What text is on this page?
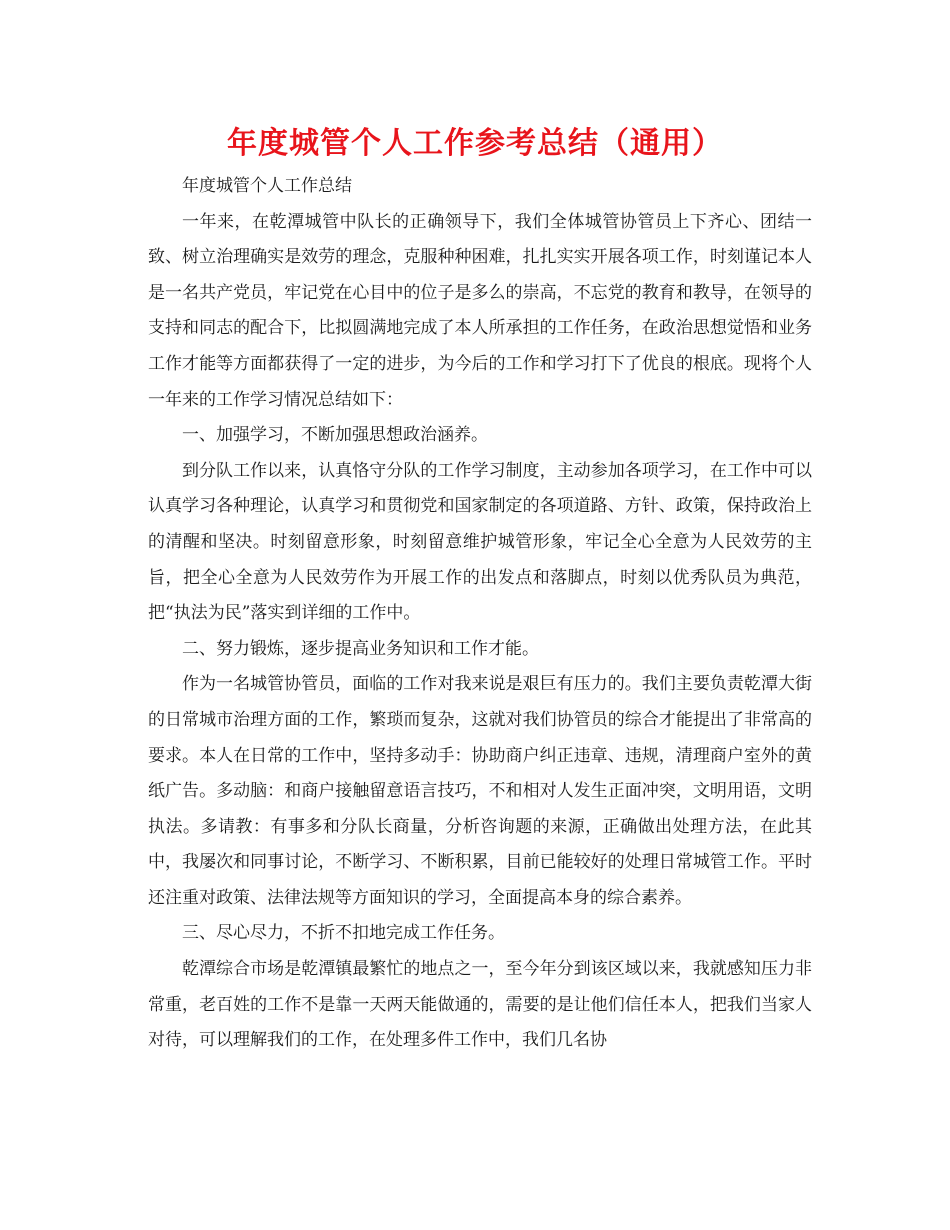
年度城管个人工作参考总结（通用）

年度城管个人工作总结

一年来，在乾潭城管中队长的正确领导下，我们全体城管协管员上下齐心、团结一致、树立治理确实是效劳的理念，克服种种困难，扎扎实实开展各项工作，时刻谨记本人是一名共产党员，牢记党在心目中的位子是多么的崇高，不忘党的教育和教导，在领导的支持和同志的配合下，比拟圆满地完成了本人所承担的工作任务，在政治思想觉悟和业务工作才能等方面都获得了一定的进步，为今后的工作和学习打下了优良的根底。现将个人一年来的工作学习情况总结如下：

一、加强学习，不断加强思想政治涵养。

到分队工作以来，认真恪守分队的工作学习制度，主动参加各项学习，在工作中可以认真学习各种理论，认真学习和贯彻党和国家制定的各项道路、方针、政策，保持政治上的清醒和坚决。时刻留意形象，时刻留意维护城管形象，牢记全心全意为人民效劳的主旨，把全心全意为人民效劳作为开展工作的出发点和落脚点，时刻以优秀队员为典范，把“执法为民”落实到详细的工作中。

二、努力锻炼，逐步提高业务知识和工作才能。

作为一名城管协管员，面临的工作对我来说是艰巨有压力的。我们主要负责乾潭大街的日常城市治理方面的工作，繁琐而复杂，这就对我们协管员的综合才能提出了非常高的要求。本人在日常的工作中，坚持多动手：协助商户纠正违章、违规，清理商户室外的黄纸广告。多动脑：和商户接触留意语言技巧，不和相对人发生正面冲突，文明用语，文明执法。多请教：有事多和分队长商量，分析咨询题的来源，正确做出处理方法，在此其中，我屡次和同事讨论，不断学习、不断积累，目前已能较好的处理日常城管工作。平时还注重对政策、法律法规等方面知识的学习，全面提高本身的综合素养。

三、尽心尽力，不折不扣地完成工作任务。

乾潭综合市场是乾潭镇最繁忙的地点之一，至今年分到该区域以来，我就感知压力非常重，老百姓的工作不是靠一天两天能做通的，需要的是让他们信任本人，把我们当家人对待，可以理解我们的工作，在处理多件工作中，我们几名协
